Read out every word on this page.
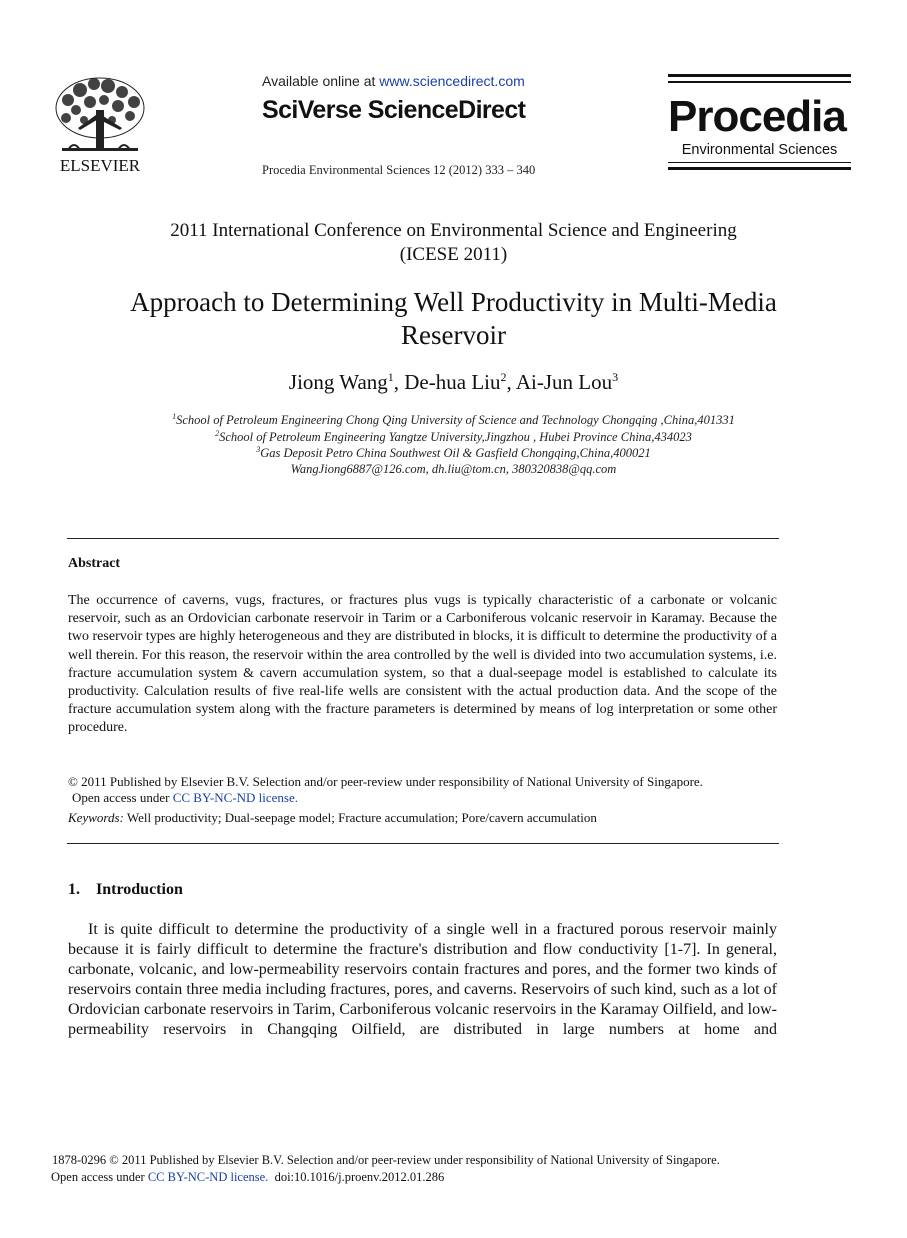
ELSEVIER
Available online at www.sciencedirect.com
SciVerse ScienceDirect
Procedia Environmental Sciences 12 (2012) 333 – 340
Procedia
Environmental Sciences
2011 International Conference on Environmental Science and Engineering
(ICESE 2011)
Approach to Determining Well Productivity in Multi-Media
Reservoir
Jiong Wang$^1$, De-hua Liu$^2$, Ai-Jun Lou$^3$
$^1$School of Petroleum Engineering Chong Qing University of Science and Technology Chongqing ,China,401331
$^2$School of Petroleum Engineering Yangtze University,Jingzhou , Hubei Province China,434023
$^3$Gas Deposit Petro China Southwest Oil & Gasfield Chongqing,China,400021
WangJiong6887@126.com, dh.liu@tom.cn, 380320838@qq.com
Abstract
The occurrence of caverns, vugs, fractures, or fractures plus vugs is typically characteristic of a carbonate or volcanic reservoir, such as an Ordovician carbonate reservoir in Tarim or a Carboniferous volcanic reservoir in Karamay. Because the two reservoir types are highly heterogeneous and they are distributed in blocks, it is difficult to determine the productivity of a well therein. For this reason, the reservoir within the area controlled by the well is divided into two accumulation systems, i.e. fracture accumulation system & cavern accumulation system, so that a dual-seepage model is established to calculate its productivity. Calculation results of five real-life wells are consistent with the actual production data. And the scope of the fracture accumulation system along with the fracture parameters is determined by means of log interpretation or some other procedure.
© 2011 Published by Elsevier B.V. Selection and/or peer-review under responsibility of National University of Singapore.
Open access under CC BY-NC-ND license.
Keywords: Well productivity; Dual-seepage model; Fracture accumulation; Pore/cavern accumulation
1. Introduction
It is quite difficult to determine the productivity of a single well in a fractured porous reservoir mainly because it is fairly difficult to determine the fracture's distribution and flow conductivity [1-7]. In general, carbonate, volcanic, and low-permeability reservoirs contain fractures and pores, and the former two kinds of reservoirs contain three media including fractures, pores, and caverns. Reservoirs of such kind, such as a lot of Ordovician carbonate reservoirs in Tarim, Carboniferous volcanic reservoirs in the Karamay Oilfield, and low-permeability reservoirs in Changqing Oilfield, are distributed in large numbers at home and
1878-0296 © 2011 Published by Elsevier B.V. Selection and/or peer-review under responsibility of National University of Singapore.
Open access under CC BY-NC-ND license.  doi:10.1016/j.proenv.2012.01.286
